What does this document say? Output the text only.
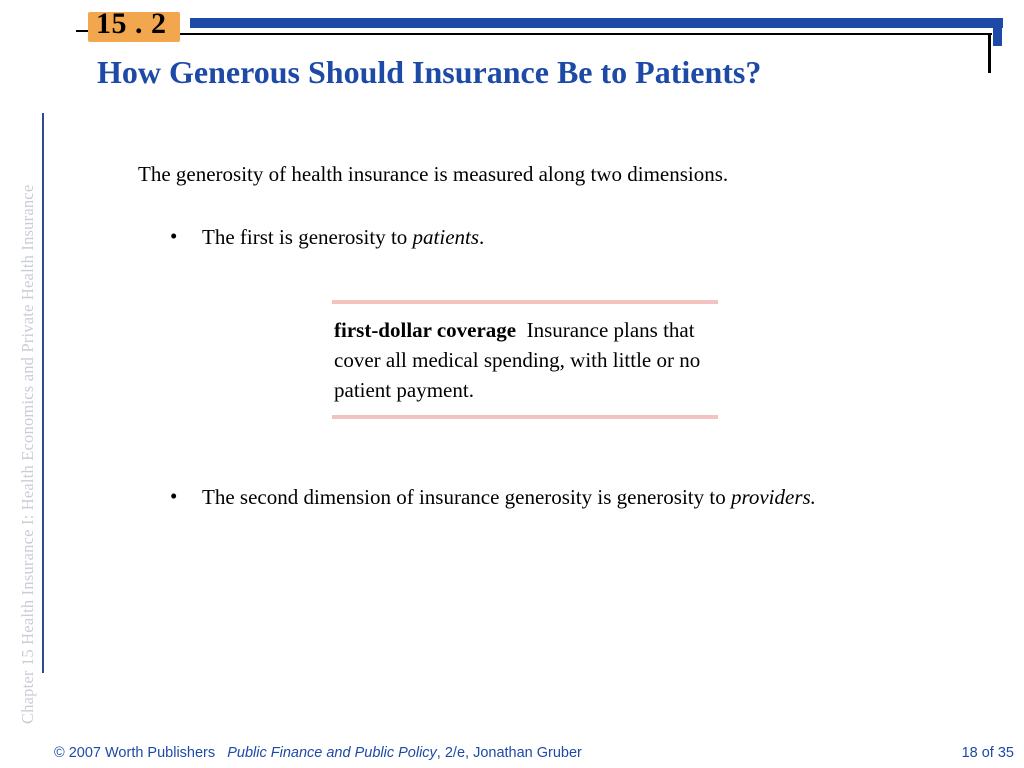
Chapter 15 Health Insurance I: Health Economics and Private Health Insurance
15 . 2
How Generous Should Insurance Be to Patients?
The generosity of health insurance is measured along two dimensions.
• The first is generosity to patients.
first-dollar coverage Insurance plans that cover all medical spending, with little or no patient payment.
• The second dimension of insurance generosity is generosity to providers.
© 2007 Worth Publishers Public Finance and Public Policy, 2/e, Jonathan Gruber	18 of 35
